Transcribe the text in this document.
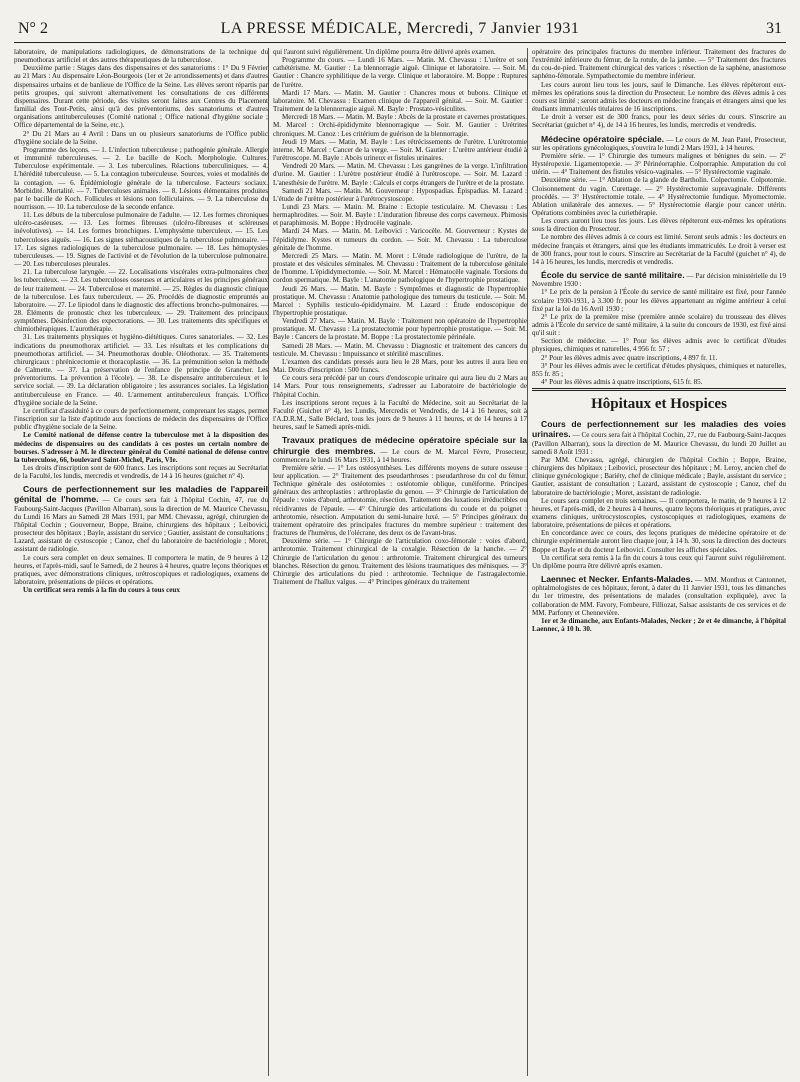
N° 2	LA PRESSE MÉDICALE, Mercredi, 7 Janvier 1931	31

laboratoire, de manipulations radiologiques, de démonstrations de la technique du pneumothorax artificiel et des autres thérapeutiques de la tuberculose.

Deuxième partie : Stages dans des dispensaires et des sanatoriums : 1° Du 9 Février au 21 Mars : Au dispensaire Léon-Bourgeois (1er et 2e arrondissements) et dans d'autres dispensaires urbains et de banlieue de l'Office de la Seine. Les élèves seront répartis par petits groupes, qui suivront alternativement les consultations de ces différents dispensaires. Durant cette période, des visites seront faites aux Centres du Placement familial des Tout-Petits, ainsi qu'à des préventoriums, des sanatoriums et d'autres organisations antituberculeuses (Comité national ; Office national d'hygiène sociale ; Office départemental de la Seine, etc.).

2° Du 21 Mars au 4 Avril : Dans un ou plusieurs sanatoriums de l'Office public d'hygiène sociale de la Seine.

Programme des leçons. — 1. L'infection tuberculeuse ; pathogénie générale. Allergie et immunité tuberculeuses. — 2. Le bacille de Koch. Morphologie. Cultures. Tuberculose expérimentale. — 3. Les tuberculines. Réactions tuberculiniques. — 4. L'hérédité tuberculeuse. — 5. La contagion tuberculeuse. Sources, voies et modalités de la contagion. — 6. Épidémiologie générale de la tuberculose. Facteurs sociaux. Morbidité. Mortalité. — 7. Tuberculoses animales. — 8. Lésions élémentaires produites par le bacille de Koch. Follicules et lésions non folliculaires. — 9. La tuberculose du nourrisson. — 10. La tuberculose de la seconde enfance.

11. Les débuts de la tuberculose pulmonaire de l'adulte. — 12. Les formes chroniques ulcéro-caséeuses. — 13. Les formes fibreuses (ulcéro-fibreuses et scléreuses inévolutives). — 14. Les formes bronchiques. L'emphysème tuberculeux. — 15. Les tuberculoses aiguës. — 16. Les signes stéthacoustiques de la tuberculose pulmonaire. — 17. Les signes radiologiques de la tuberculose pulmonaire. — 18. Les hémoptysies tuberculeuses. — 19. Signes de l'activité et de l'évolution de la tuberculose pulmonaire. — 20. Les tuberculoses pleurales.

21. La tuberculose laryngée. — 22. Localisations viscérales extra-pulmonaires chez les tuberculeux. — 23. Les tuberculoses osseuses et articulaires et les principes généraux de leur traitement. — 24. Tuberculose et maternité. — 25. Règles du diagnostic clinique de la tuberculose. Les faux tuberculeux. — 26. Procédés de diagnostic empruntés au laboratoire. — 27. Le lipiodol dans le diagnostic des affections broncho-pulmonaires. — 28. Éléments de pronostic chez les tuberculeux. — 29. Traitement des principaux symptômes. Désinfection des expectorations. — 30. Les traitements dits spécifiques et chimiothérapiques. L'aurothérapie.

31. Les traitements physiques et hygiéno-diététiques. Cures sanatoriales. — 32. Les indications du pneumothorax artificiel. — 33. Les résultats et les complications du pneumothorax artificiel. — 34. Pneumothorax double. Oléothorax. — 35. Traitements chirurgicaux : phrénicectomie et thoracoplastie. — 36. La prémunition selon la méthode de Calmette. — 37. La préservation de l'enfance (le principe de Grancher. Les préventoriums. La prévention à l'école). — 38. Le dispensaire antituberculeux et le service social. — 39. La déclaration obligatoire ; les assurances sociales. La législation antituberculeuse en France. — 40. L'armement antituberculeux français. L'Office d'hygiène sociale de la Seine.

Le certificat d'assiduité à ce cours de perfectionnement, comprenant les stages, permet l'inscription sur la liste d'aptitude aux fonctions de médecin des dispensaires de l'Office public d'hygiène sociale de la Seine.

Le Comité national de défense contre la tuberculose met à la disposition des médecins de dispensaires ou des candidats à ces postes un certain nombre de bourses. S'adresser à M. le directeur général du Comité national de défense contre la tuberculose, 66, boulevard Saint-Michel, Paris, VIe.

Les droits d'inscription sont de 600 francs. Les inscriptions sont reçues au Secrétariat de la Faculté, les lundis, mercredis et vendredis, de 14 à 16 heures (guichet n° 4).

Cours de perfectionnement sur les maladies de l'appareil génital de l'homme. — Ce cours sera fait à l'hôpital Cochin, 47, rue du Faubourg-Saint-Jacques (Pavillon Albarran), sous la direction de M. Maurice Chevassu, du Lundi 16 Mars au Samedi 28 Mars 1931, par MM. Chevassu, agrégé, chirurgien de l'hôpital Cochin ; Gouverneur, Boppe, Braine, chirurgiens des hôpitaux ; Leibovici, prosecteur des hôpitaux ; Bayle, assistant du service ; Gautier, assistant de consultations ; Lazard, assistant de cystoscopie ; Canoz, chef du laboratoire de bactériologie ; Moret, assistant de radiologie.

Le cours sera complet en deux semaines. Il comportera le matin, de 9 heures à 12 heures, et l'après-midi, sauf le Samedi, de 2 heures à 4 heures, quatre leçons théoriques et pratiques, avec démonstrations cliniques, urétroscopiques et radiologiques, examens de laboratoire, présentations de pièces et opérations.

Un certificat sera remis à la fin du cours à tous ceux

qui l'auront suivi régulièrement. Un diplôme pourra être délivré après examen.

Programme du cours. — Lundi 16 Mars. — Matin. M. Chevassu : L'urètre et son cathétérisme. M. Gautier : La blennorragie aiguë. Clinique et laboratoire. — Soir. M. Gautier : Chancre syphilitique de la verge. Clinique et laboratoire. M. Boppe : Ruptures de l'urètre.

Mardi 17 Mars. — Matin. M. Gautier : Chancres mous et bubons. Clinique et laboratoire. M. Chevassu : Examen clinique de l'appareil génital. — Soir. M. Gautier : Traitement de la blennorragie aiguë. M. Bayle : Prostato-vésiculites.

Mercredi 18 Mars. — Matin. M. Bayle : Abcès de la prostate et cavernes prostatiques. M. Marcel : Orchi-épididymite blennorragique — Soir. M. Gautier : Urétrites chroniques. M. Canoz : Les critérium de guérison de la blennorragie.

Jeudi 19 Mars. — Matin, M. Bayle : Les rétrécissements de l'urètre. L'urétrotomie interne. M. Marcel : Cancer de la verge. — Soir. M. Gautier : L'urètre antérieur étudié à l'urétroscope. M. Bayle : Abcès urineux et fistules urinaires.

Vendredi 20 Mars. — Matin. M. Chevassu : Les gangrènes de la verge. L'infiltration d'urine. M. Gautier : L'urètre postérieur étudié à l'urétroscope. — Soir. M. Lazard : L'anesthésie de l'urètre. M. Bayle : Calculs et corps étrangers de l'urètre et de la prostate.

Samedi 21 Mars. — Matin. M. Gouverneur : Hypospadias. Épispadias. M. Lazard : L'étude de l'urètre postérieur à l'urétrocystoscope.

Lundi 23 Mars. — Matin. M. Braine : Ectopie testiculaire. M. Chevassu : Les hermaphrodites. — Soir. M. Bayle : L'induration fibreuse des corps caverneux. Phimosis et paraphimosis. M. Boppe : Hydrocèle vaginale.

Mardi 24 Mars. — Matin. M. Leibovici : Varicocèle. M. Gouverneur : Kystes de l'épididyme. Kystes et tumeurs du cordon. — Soir. M. Chevassu : La tuberculose génitale de l'homme.

Mercredi 25 Mars. — Matin. M. Moret : L'étude radiologique de l'urètre, de la prostate et des vésicules séminales. M. Chevassu : Traitement de la tuberculose génitale de l'homme. L'épididymectomie. — Soir. M. Marcel : Hématocèle vaginale. Torsions du cordon spermatique. M. Bayle : L'anatomie pathologique de l'hypertrophie prostatique.

Jeudi 26 Mars. — Matin. M. Bayle : Symptômes et diagnostic de l'hypertrophie prostatique. M. Chevassu : Anatomie pathologique des tumeurs du testicule. — Soir. M. Marcel : Syphilis testiculo-épididymaire. M. Lazard : Étude endoscopique de l'hypertrophie prostatique.

Vendredi 27 Mars. — Matin. M. Bayle : Traitement non opératoire de l'hypertrophie prostatique. M. Chevassu : La prostatectomie pour hypertrophie prostatique. — Soir. M. Bayle : Cancers de la prostate. M. Boppe : La prostatectomie périnéale.

Samedi 28 Mars. — Matin. M. Chevassu : Diagnostic et traitement des cancers du testicule. M. Chevassu : Impuissance et stérilité masculines.

L'examen des candidats pressés aura lieu le 28 Mars, pour les autres il aura lieu en Mai. Droits d'inscription : 500 francs.

Ce cours sera précédé par un cours d'endoscopie urinaire qui aura lieu du 2 Mars au 14 Mars. Pour tous renseignements, s'adresser au Laboratoire de bactériologie de l'hôpital Cochin.

Les inscriptions seront reçues à la Faculté de Médecine, soit au Secrétariat de la Faculté (Guichet n° 4), les Lundis, Mercredis et Vendredis, de 14 à 16 heures, soit à l'A.D.R.M., Salle Béclard, tous les jours de 9 heures à 11 heures, et de 14 heures à 17 heures, sauf le Samedi après-midi.

Travaux pratiques de médecine opératoire spéciale sur la chirurgie des membres. — Le cours de M. Marcel Fèvre, Prosecteur, commencera le lundi 16 Mars 1931, à 14 heures.

Première série. — 1° Les ostéosynthèses. Les différents moyens de suture osseuse : leur application. — 2° Traitement des pseudarthroses : pseudarthrose du col du fémur. Technique générale des ostéotomies : ostéotomie oblique, cunéiforme. Principes généraux des arthroplasties : arthroplastie du genou. — 3° Chirurgie de l'articulation de l'épaule : voies d'abord, arthrotomie, résection. Traitement des luxations irréductibles ou récidivantes de l'épaule. — 4° Chirurgie des articulations du coude et du poignet : arthrotomie, résection. Amputation du semi-lunaire luxé. — 5° Principes généraux du traitement opératoire des principales fractures du membre supérieur : traitement des fractures de l'humérus, de l'olécrane, des deux os de l'avant-bras.

Deuxième série. — 1° Chirurgie de l'articulation coxo-fémorale : voies d'abord, arthrotomie. Traitement chirurgical de la coxalgie. Résection de la hanche. — 2° Chirurgie de l'articulation du genou : arthrotomie. Traitement chirurgical des tumeurs blanches. Résection du genou. Traitement des lésions traumatiques des ménisques. — 3° Chirurgie des articulations du pied : arthrotomie. Technique de l'astragalectomie. Traitement de l'hallux valgus. — 4° Principes généraux du traitement

opératoire des principales fractures du membre inférieur. Traitement des fractures de l'extrémité inférieure du fémur, de la rotule, de la jambe. — 5° Traitement des fractures du cou-de-pied. Traitement chirurgical des varices : résection de la saphène, anastomose saphéno-fémorale. Sympathectomie du membre inférieur.

Les cours auront lieu tous les jours, sauf le Dimanche. Les élèves répéteront eux-mêmes les opérations sous la direction du Prosecteur. Le nombre des élèves admis à ces cours est limité ; seront admis les docteurs en médecine français et étrangers ainsi que les étudiants immatriculés titulaires de 16 inscriptions.

Le droit à verser est de 300 francs, pour les deux séries du cours. S'inscrire au Secrétariat (guichet n° 4), de 14 à 16 heures, les lundis, mercredis et vendredis.

Médecine opératoire spéciale. — Le cours de M. Jean Patel, Prosecteur, sur les opérations gynécologiques, s'ouvrira le lundi 2 Mars 1931, à 14 heures.

Première série. — 1° Chirurgie des tumeurs malignes et bénignes du sein. — 2° Hystéropexie. Ligamentopexie. — 3° Périnéorraphie. Colporraphie. Amputation du col utérin. — 4° Traitement des fistules vésico-vaginales. — 5° Hystérectomie vaginale.

Deuxième série. — 1° Ablation de la glande de Bartholin. Colpectomie. Colpotomie. Cloisonnement du vagin. Curettage. — 2° Hystérectomie supravaginale. Différents procédés. — 3° Hystérectomie totale. — 4° Hystérectomie fundique. Myomectomie. Ablation unilatérale des annexes. — 5° Hystérectomie élargie pour cancer utérin. Opérations combinées avec la curiethérapie.

Les cours auront lieu tous les jours. Les élèves répéteront eux-mêmes les opérations sous la direction du Prosecteur.

Le nombre des élèves admis à ce cours est limité. Seront seuls admis : les docteurs en médecine français et étrangers, ainsi que les étudiants immatriculés. Le droit à verser est de 300 francs, pour tout le cours. S'inscrire au Secrétariat de la Faculté (guichet n° 4), de 14 à 16 heures, les lundis, mercredis et vendredis.

École du service de santé militaire. — Par décision ministérielle du 19 Novembre 1930 :

1° Le prix de la pension à l'École du service de santé militaire est fixé, pour l'année scolaire 1930-1931, à 3.300 fr. pour les élèves appartenant au régime antérieur à celui fixé par la loi du 16 Avril 1930 ;

2° Le prix de la première mise (première année scolaire) du trousseau des élèves admis à l'École du service de santé militaire, à la suite du concours de 1930, est fixé ainsi qu'il suit :

Section de médecine. — 1° Pour les élèves admis avec le certificat d'études physiques, chimiques et naturelles, 4 956 fr. 57 ;

2° Pour les élèves admis avec quatre inscriptions, 4 897 fr. 11.

3° Pour les élèves admis avec le certificat d'études physiques, chimiques et naturelles, 855 fr. 85 ;

4° Pour les élèves admis à quatre inscriptions, 615 fr. 85.

Hôpitaux et Hospices

Cours de perfectionnement sur les maladies des voies urinaires. — Ce cours sera fait à l'hôpital Cochin, 27, rue du Faubourg-Saint-Jacques (Pavillon Albarran), sous la direction de M. Maurice Chevassu, du lundi 20 Juillet au samedi 8 Août 1931 :

Par MM. Chevassu, agrégé, chirurgien de l'hôpital Cochin ; Boppe, Braine, chirurgiens des hôpitaux ; Leibovici, prosecteur des hôpitaux ; M. Leroy, ancien chef de clinique gynécologique ; Bariéty, chef de clinique médicale ; Bayle, assistant du service ; Gautier, assistant de consultation ; Lazard, assistant de cystoscopie ; Canoz, chef du laboratoire de bactériologie ; Moret, assistant de radiologie.

Le cours sera complet en trois semaines. — Il comportera, le matin, de 9 heures à 12 heures, et l'après-midi, de 2 heures à 4 heures, quatre leçons théoriques et pratiques, avec examens cliniques, urétrocystoscopies, cystoscopiques et radiologiques, examens de laboratoire, présentations de pièces et opérations.

En concordance avec ce cours, des leçons pratiques de médecine opératoire et de chirurgie expérimentale auront lieu chaque jour, à 14 h. 30, sous la direction des docteurs Boppe et Bayle et du docteur Leibovici. Consulter les affiches spéciales.

Un certificat sera remis à la fin du cours à tous ceux qui l'auront suivi régulièrement. Un diplôme pourra être délivré après examen.

Laennec et Necker. Enfants-Malades. — MM. Monthus et Cantonnet, ophtalmologistes de ces hôpitaux, feront, à dater du 11 Janvier 1931, tous les dimanches du 1er trimestre, des présentations de malades (consultation expliquée), avec la collaboration de MM. Favory, Fombeure, Filliozat, Salsac assistants de ces services et de MM. Parfonry et Chennevière.

1er et 3e dimanche, aux Enfants-Malades, Necker ; 2e et 4e dimanche, à l'hôpital Laennec, à 10 h. 30.
